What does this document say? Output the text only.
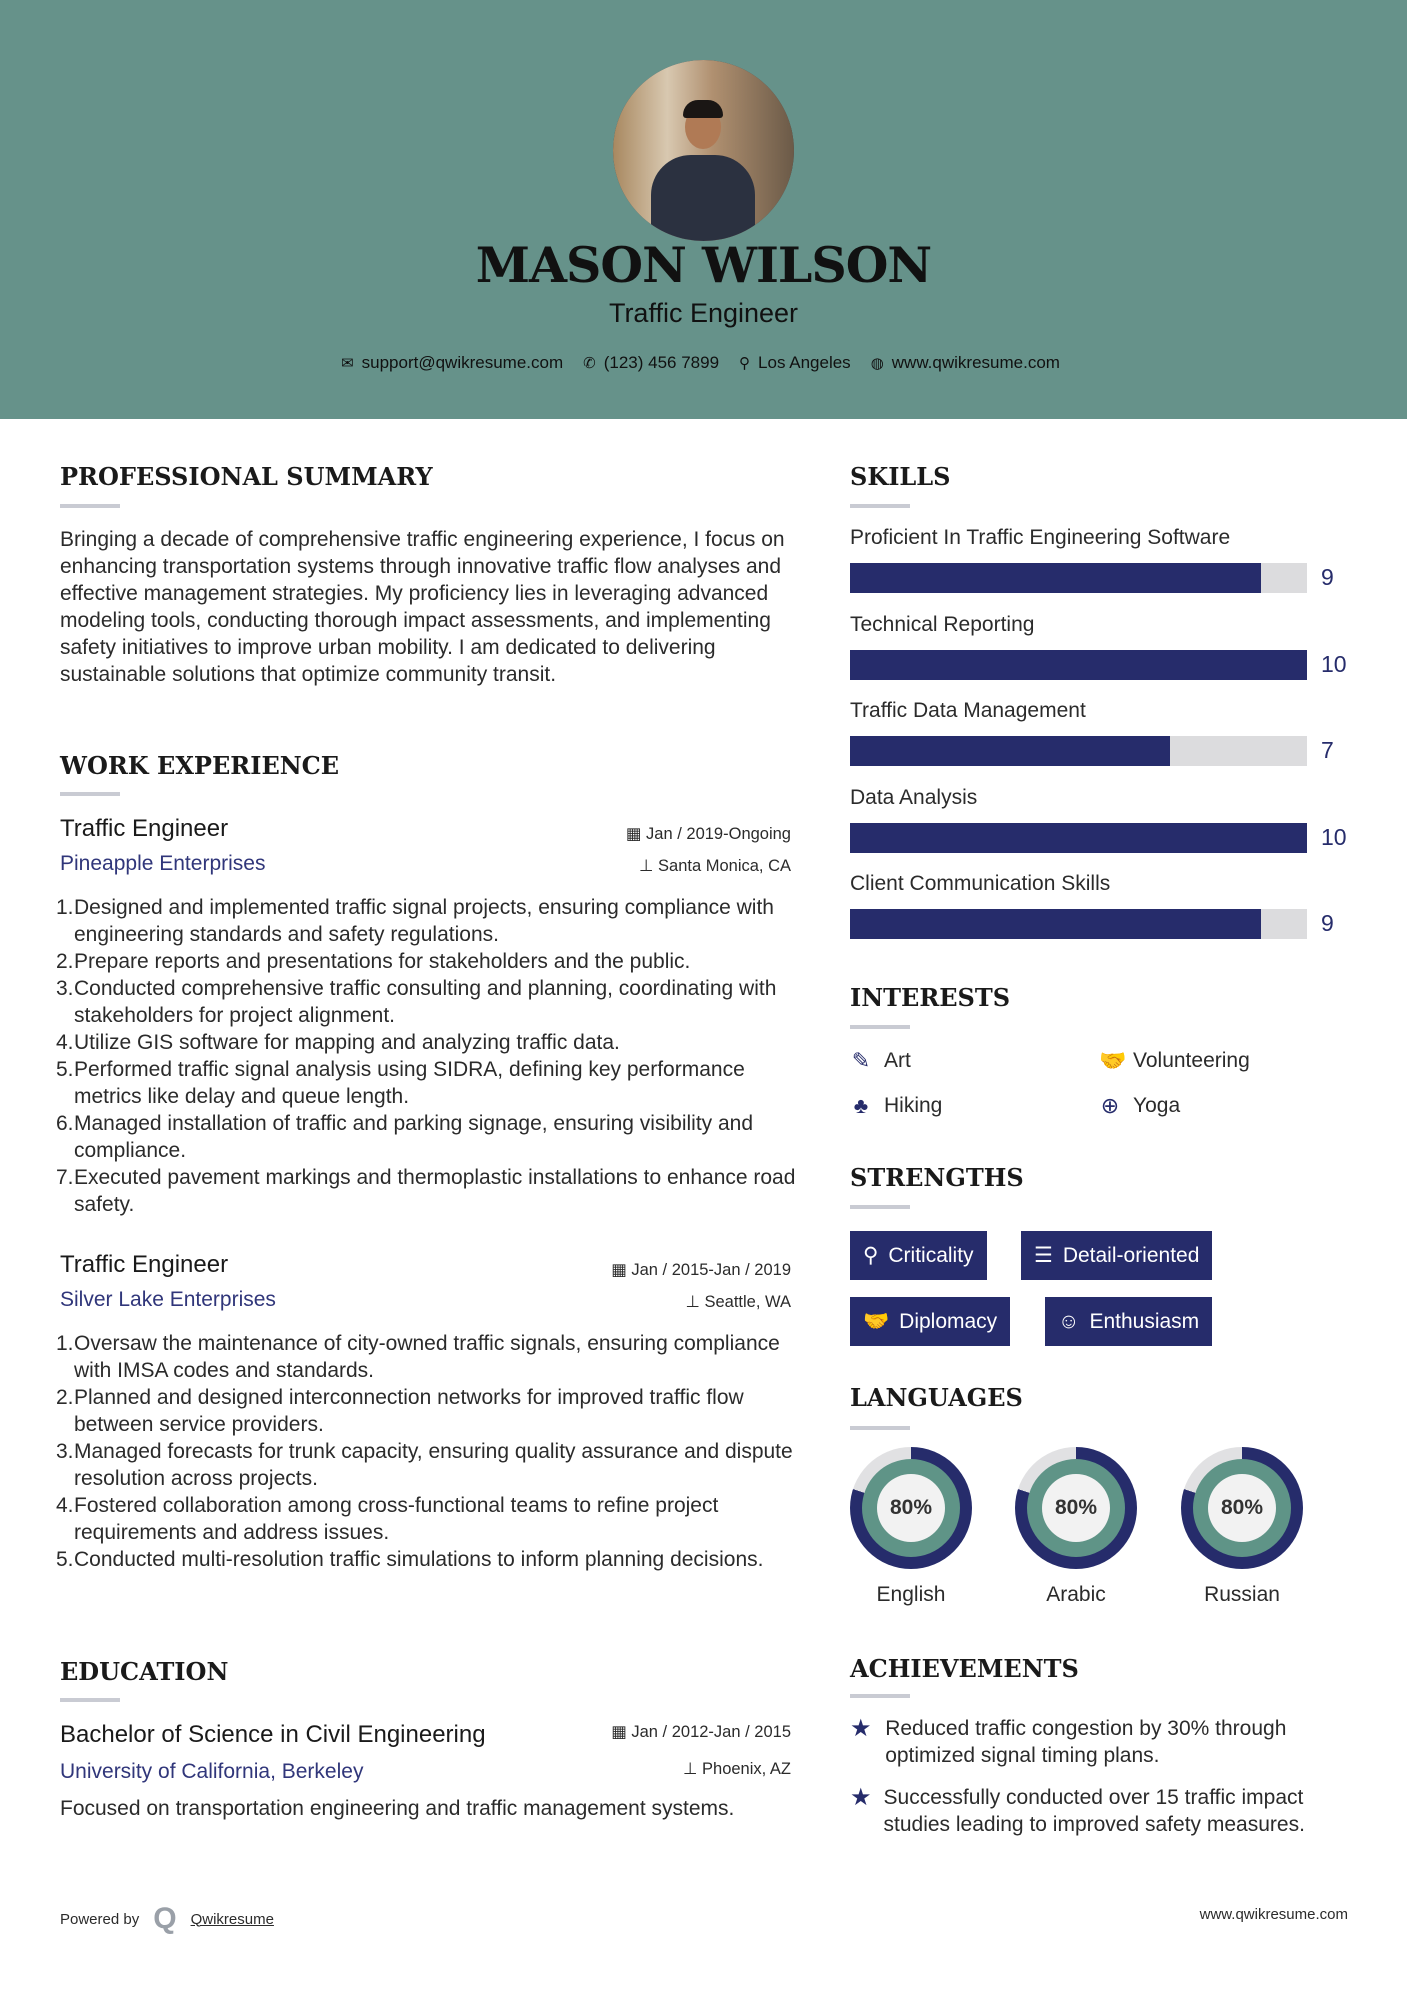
MASON WILSON
Traffic Engineer
✉ support@qwikresume.com ✆ (123) 456 7899 ⚲ Los Angeles ◍ www.qwikresume.com
PROFESSIONAL SUMMARY
Bringing a decade of comprehensive traffic engineering experience, I focus on enhancing transportation systems through innovative traffic flow analyses and effective management strategies. My proficiency lies in leveraging advanced modeling tools, conducting thorough impact assessments, and implementing safety initiatives to improve urban mobility. I am dedicated to delivering sustainable solutions that optimize community transit.
WORK EXPERIENCE
EDUCATION
Bachelor of Science in Civil Engineering
University of California, Berkeley
▦ Jan / 2012-Jan / 2015
⊥ Phoenix, AZ
Focused on transportation engineering and traffic management systems.
SKILLS
INTERESTS
STRENGTHS
LANGUAGES
ACHIEVEMENTS
Powered by Q Qwikresume	www.qwikresume.com
Traffic Engineer
Pineapple Enterprises
▦ Jan / 2019-Ongoing
⊥ Santa Monica, CA
1. Designed and implemented traffic signal projects, ensuring compliance with engineering standards and safety regulations.
2. Prepare reports and presentations for stakeholders and the public.
3. Conducted comprehensive traffic consulting and planning, coordinating with stakeholders for project alignment.
4. Utilize GIS software for mapping and analyzing traffic data.
5. Performed traffic signal analysis using SIDRA, defining key performance metrics like delay and queue length.
6. Managed installation of traffic and parking signage, ensuring visibility and compliance.
7. Executed pavement markings and thermoplastic installations to enhance road safety.
Traffic Engineer
Silver Lake Enterprises
▦ Jan / 2015-Jan / 2019
⊥ Seattle, WA
1. Oversaw the maintenance of city-owned traffic signals, ensuring compliance with IMSA codes and standards.
2. Planned and designed interconnection networks for improved traffic flow between service providers.
3. Managed forecasts for trunk capacity, ensuring quality assurance and dispute resolution across projects.
4. Fostered collaboration among cross-functional teams to refine project requirements and address issues.
5. Conducted multi-resolution traffic simulations to inform planning decisions.
Proficient In Traffic Engineering Software
9
Technical Reporting
10
Traffic Data Management
7
Data Analysis
10
Client Communication Skills
9
✎ Art	🤝 Volunteering
♣ Hiking	⊕ Yoga
⚲ Criticality	☰ Detail-oriented
🤝 Diplomacy	☺ Enthusiasm
80%
English
80%
Arabic
80%
Russian
★ Reduced traffic congestion by 30% through optimized signal timing plans.
★ Successfully conducted over 15 traffic impact studies leading to improved safety measures.
